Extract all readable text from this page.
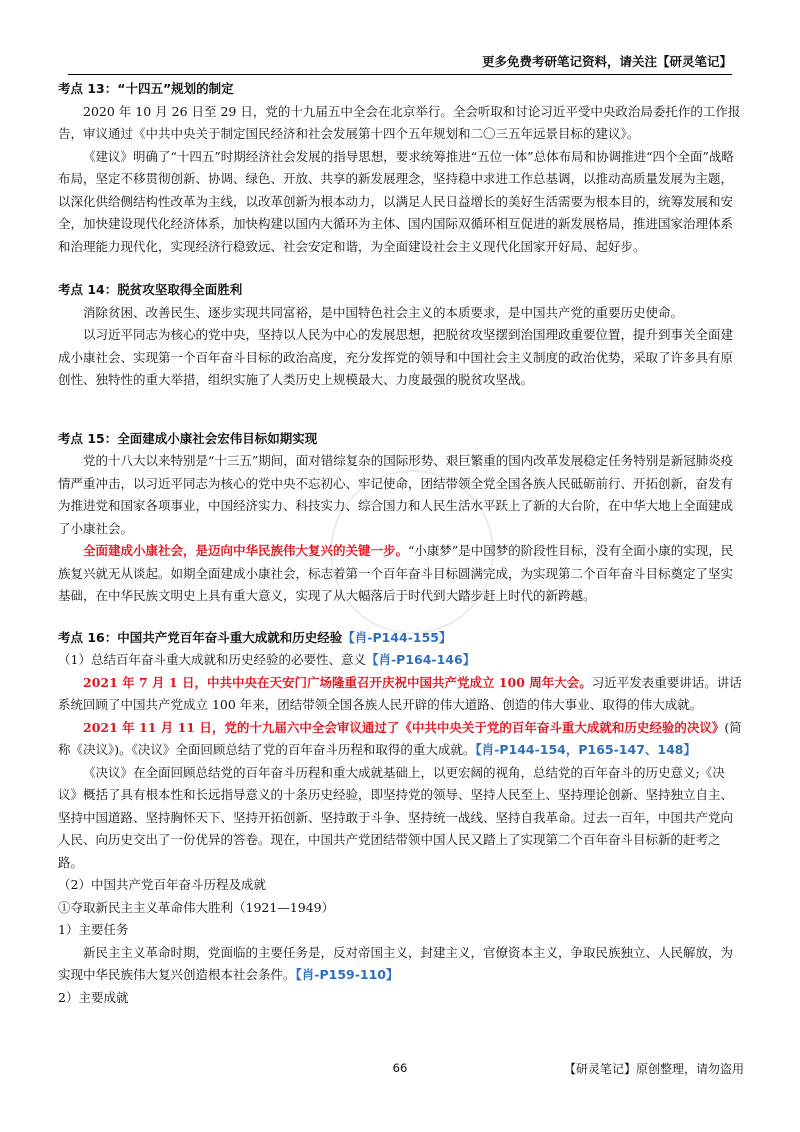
更多免费考研笔记资料，请关注【研灵笔记】

考点 13：“十四五”规划的制定

2020 年 10 月 26 日至 29 日，党的十九届五中全会在北京举行。全会听取和讨论习近平受中央政治局委托作的工作报告，审议通过《中共中央关于制定国民经济和社会发展第十四个五年规划和二〇三五年远景目标的建议》。

《建议》明确了“十四五”时期经济社会发展的指导思想，要求统筹推进“五位一体”总体布局和协调推进“四个全面”战略布局，坚定不移贯彻创新、协调、绿色、开放、共享的新发展理念，坚持稳中求进工作总基调，以推动高质量发展为主题，以深化供给侧结构性改革为主线，以改革创新为根本动力，以满足人民日益增长的美好生活需要为根本目的，统筹发展和安全，加快建设现代化经济体系，加快构建以国内大循环为主体、国内国际双循环相互促进的新发展格局，推进国家治理体系和治理能力现代化，实现经济行稳致远、社会安定和谐，为全面建设社会主义现代化国家开好局、起好步。

考点 14：脱贫攻坚取得全面胜利

消除贫困、改善民生、逐步实现共同富裕，是中国特色社会主义的本质要求，是中国共产党的重要历史使命。

以习近平同志为核心的党中央，坚持以人民为中心的发展思想，把脱贫攻坚摆到治国理政重要位置，提升到事关全面建成小康社会、实现第一个百年奋斗目标的政治高度，充分发挥党的领导和中国社会主义制度的政治优势，采取了许多具有原创性、独特性的重大举措，组织实施了人类历史上规模最大、力度最强的脱贫攻坚战。

考点 15：全面建成小康社会宏伟目标如期实现

党的十八大以来特别是“十三五”期间，面对错综复杂的国际形势、艰巨繁重的国内改革发展稳定任务特别是新冠肺炎疫情严重冲击，以习近平同志为核心的党中央不忘初心、牢记使命，团结带领全党全国各族人民砥砺前行、开拓创新，奋发有为推进党和国家各项事业，中国经济实力、科技实力、综合国力和人民生活水平跃上了新的大台阶，在中华大地上全面建成了小康社会。

全面建成小康社会，是迈向中华民族伟大复兴的关键一步。“小康梦”是中国梦的阶段性目标，没有全面小康的实现，民族复兴就无从谈起。如期全面建成小康社会，标志着第一个百年奋斗目标圆满完成，为实现第二个百年奋斗目标奠定了坚实基础，在中华民族文明史上具有重大意义，实现了从大幅落后于时代到大踏步赶上时代的新跨越。

考点 16：中国共产党百年奋斗重大成就和历史经验【肖-P144-155】

（1）总结百年奋斗重大成就和历史经验的必要性、意义【肖-P164-146】

2021 年 7 月 1 日，中共中央在天安门广场隆重召开庆祝中国共产党成立 100 周年大会。习近平发表重要讲话。讲话系统回顾了中国共产党成立 100 年来，团结带领全国各族人民开辟的伟大道路、创造的伟大事业、取得的伟大成就。

2021 年 11 月 11 日，党的十九届六中全会审议通过了《中共中央关于党的百年奋斗重大成就和历史经验的决议》(简称《决议》)。《决议》全面回顾总结了党的百年奋斗历程和取得的重大成就。【肖-P144-154，P165-147、148】

《决议》在全面回顾总结党的百年奋斗历程和重大成就基础上，以更宏阔的视角，总结党的百年奋斗的历史意义;《决议》概括了具有根本性和长远指导意义的十条历史经验，即坚持党的领导、坚持人民至上、坚持理论创新、坚持独立自主、坚持中国道路、坚持胸怀天下、坚持开拓创新、坚持敢于斗争、坚持统一战线、坚持自我革命。过去一百年，中国共产党向人民、向历史交出了一份优异的答卷。现在，中国共产党团结带领中国人民又踏上了实现第二个百年奋斗目标新的赶考之路。

（2）中国共产党百年奋斗历程及成就

①夺取新民主主义革命伟大胜利（1921—1949）

1）主要任务

新民主主义革命时期，党面临的主要任务是，反对帝国主义，封建主义，官僚资本主义，争取民族独立、人民解放，为实现中华民族伟大复兴创造根本社会条件。【肖-P159-110】

2）主要成就

66	【研灵笔记】原创整理，请勿盗用
